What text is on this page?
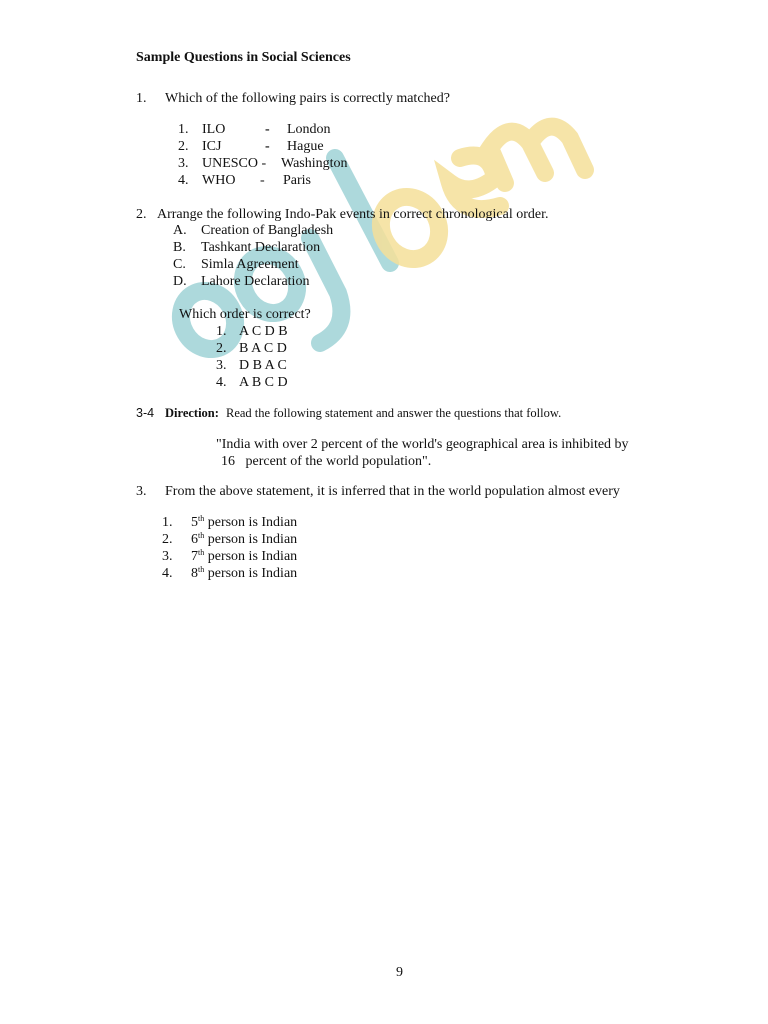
Sample Questions in Social Sciences
1. Which of the following pairs is correctly matched?
1. ILO	- London
2. ICJ	- Hague
3. UNESCO - Washington
4. WHO - Paris
2. Arrange the following Indo-Pak events in correct chronological order.
A. Creation of Bangladesh
B. Tashkant Declaration
C. Simla Agreement
D. Lahore Declaration
Which order is correct?
1. A C D B
2. B A C D
3. D B A C
4. A B C D
3-4 Direction: Read the following statement and answer the questions that follow.
"India with over 2 percent of the world's geographical area is inhibited by
16   percent of the world population".
3. From the above statement, it is inferred that in the world population almost every
1. 5th person is Indian
2. 6th person is Indian
3. 7th person is Indian
4. 8th person is Indian
9
